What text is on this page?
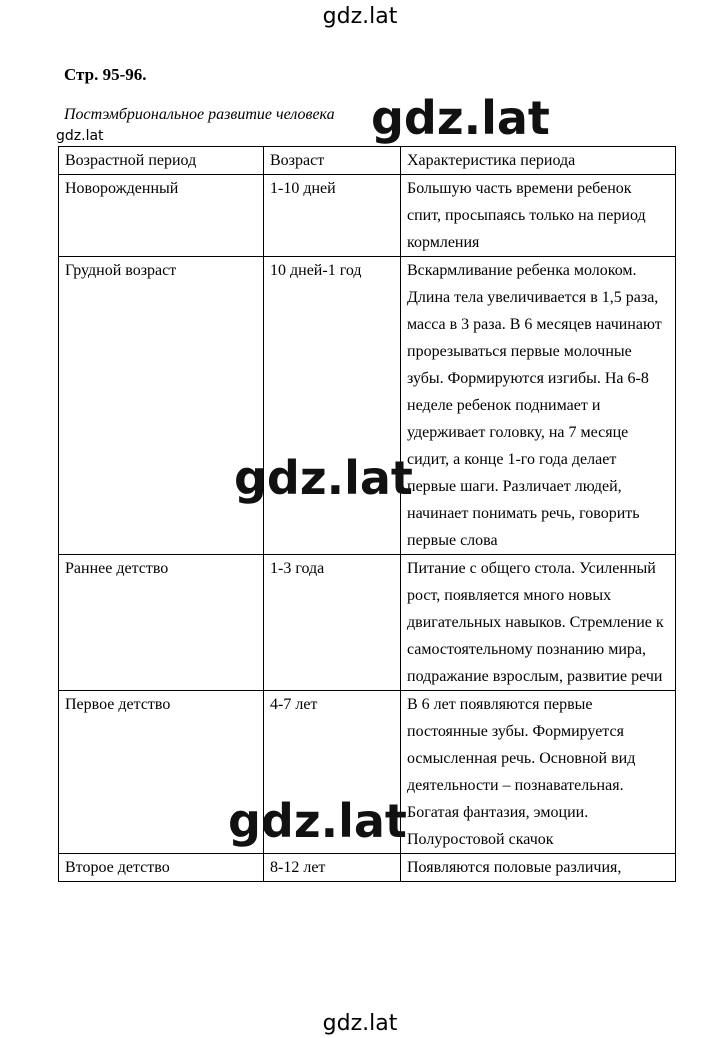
gdz.lat
Стр. 95-96.
Постэмбриональное развитие человека
gdz.lat	gdz.lat
gdz.lat
gdz.lat
Возрастной период	Возраст	Характеристика периода
Новорожденный	1-10 дней	Большую часть времени ребенок спит, просыпаясь только на период кормления
Грудной возраст	10 дней-1 год	Вскармливание ребенка молоком. Длина тела увеличивается в 1,5 раза, масса в 3 раза. В 6 месяцев начинают прорезываться первые молочные зубы. Формируются изгибы. На 6-8 неделе ребенок поднимает и удерживает головку, на 7 месяце сидит, а конце 1-го года делает первые шаги. Различает людей, начинает понимать речь, говорить первые слова
Раннее детство	1-3 года	Питание с общего стола. Усиленный рост, появляется много новых двигательных навыков. Стремление к самостоятельному познанию мира, подражание взрослым, развитие речи
Первое детство	4-7 лет	В 6 лет появляются первые постоянные зубы. Формируется осмысленная речь. Основной вид деятельности – познавательная. Богатая фантазия, эмоции. Полуростовой скачок
Второе детство	8-12 лет	Появляются половые различия,
gdz.lat
